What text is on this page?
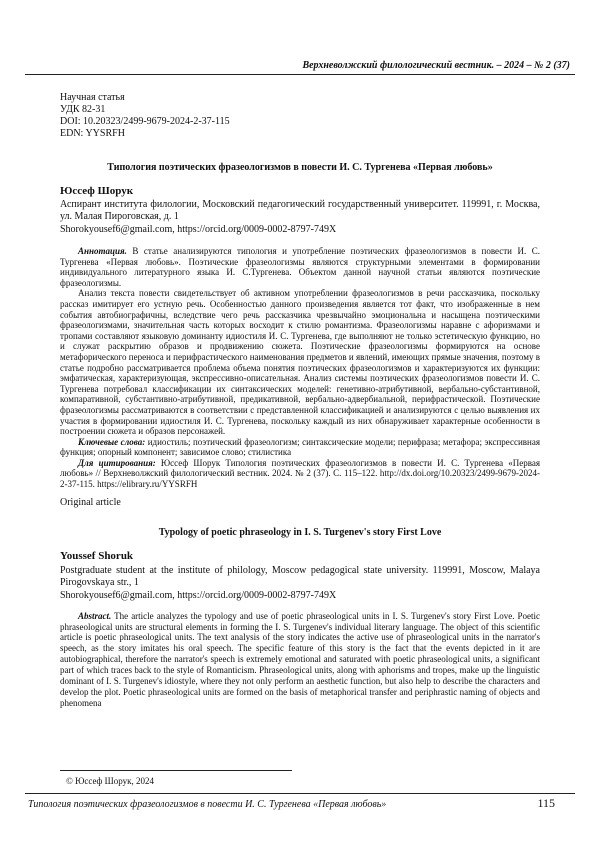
Верхневолжский филологический вестник. – 2024 – № 2 (37)
Научная статья
УДК 82-31
DOI: 10.20323/2499-9679-2024-2-37-115
EDN: YYSRFH
Типология поэтических фразеологизмов в повести И. С. Тургенева «Первая любовь»
Юссеф Шорук
Аспирант института филологии, Московский педагогический государственный университет. 119991, г. Москва, ул. Малая Пироговская, д. 1
Shorokyousef6@gmail.com, https://orcid.org/0009-0002-8797-749X

Аннотация. В статье анализируются типология и употребление поэтических фразеологизмов в повести И. С. Тургенева «Первая любовь». Поэтические фразеологизмы являются структурными элементами в формировании индивидуального литературного языка И. С.Тургенева. Объектом данной научной статьи являются поэтические фразеологизмы.

Анализ текста повести свидетельствует об активном употреблении фразеологизмов в речи рассказчика, поскольку рассказ имитирует его устную речь. Особенностью данного произведения является тот факт, что изображенные в нем события автобиографичны, вследствие чего речь рассказчика чрезвычайно эмоциональна и насыщена поэтическими фразеологизмами, значительная часть которых восходит к стилю романтизма. Фразеологизмы наравне с афоризмами и тропами составляют языковую доминанту идиостиля И. С. Тургенева, где выполняют не только эстетическую функцию, но и служат раскрытию образов и продвижению сюжета. Поэтические фразеологизмы формируются на основе метафорического переноса и перифрастического наименования предметов и явлений, имеющих прямые значения, поэтому в статье подробно рассматривается проблема объема понятия поэтических фразеологизмов и характеризуются их функции: эмфатическая, характеризующая, экспрессивно-описательная. Анализ системы поэтических фразеологизмов повести И. С. Тургенева потребовал классификации их синтаксических моделей: генетивно-атрибутивной, вербально-субстантивной, компаративной, субстантивно-атрибутивной, предикативной, вербально-адвербиальной, перифрастической. Поэтические фразеологизмы рассматриваются в соответствии с представленной классификацией и анализируются с целью выявления их участия в формировании идиостиля И. С. Тургенева, поскольку каждый из них обнаруживает характерные особенности в построении сюжета и образов персонажей.

Ключевые слова: идиостиль; поэтический фразеологизм; синтаксические модели; перифраза; метафора; экспрессивная функция; опорный компонент; зависимое слово; стилистика

Для цитирования: Юссеф Шорук Типология поэтических фразеологизмов в повести И. С. Тургенева «Первая любовь» // Верхневолжский филологический вестник. 2024. № 2 (37). С. 115–122. http://dx.doi.org/10.20323/2499-9679-2024-2-37-115. https://elibrary.ru/YYSRFH

Original article
Typology of poetic phraseology in I. S. Turgenev's story First Love
Youssef Shoruk
Postgraduate student at the institute of philology, Moscow pedagogical state university. 119991, Moscow, Malaya Pirogovskaya str., 1
Shorokyousef6@gmail.com, https://orcid.org/0009-0002-8797-749X
Abstract. The article analyzes the typology and use of poetic phraseological units in I. S. Turgenev's story First Love. Poetic phraseological units are structural elements in forming the I. S. Turgenev's individual literary language. The object of this scientific article is poetic phraseological units. The text analysis of the story indicates the active use of phraseological units in the narrator's speech, as the story imitates his oral speech. The specific feature of this story is the fact that the events depicted in it are autobiographical, therefore the narrator's speech is extremely emotional and saturated with poetic phraseological units, a significant part of which traces back to the style of Romanticism. Phraseological units, along with aphorisms and tropes, make up the linguistic dominant of I. S. Turgenev's idiostyle, where they not only perform an aesthetic function, but also help to describe the characters and develop the plot. Poetic phraseological units are formed on the basis of metaphorical transfer and periphrastic naming of objects and phenomena
© Юссеф Шорук, 2024
Типология поэтических фразеологизмов в повести И. С. Тургенева «Первая любовь»	115
